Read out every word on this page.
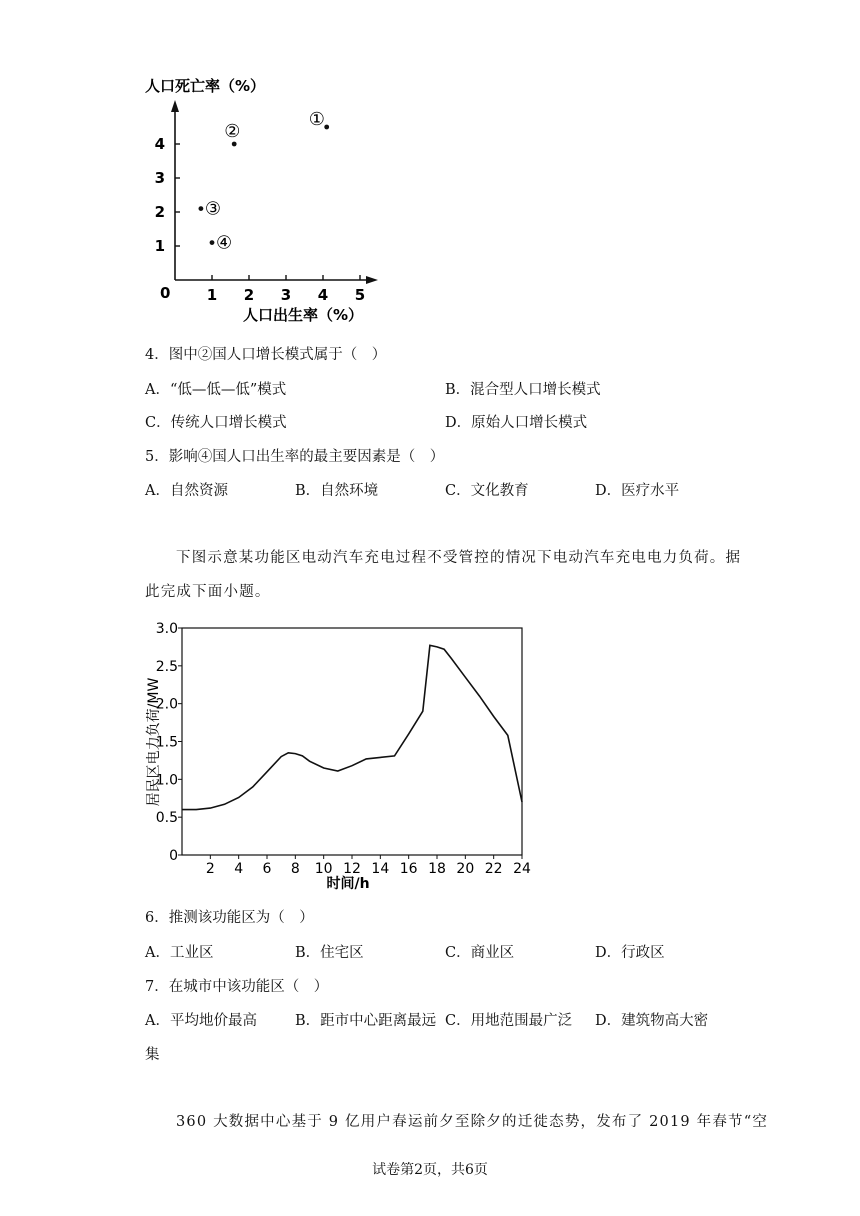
人口死亡率（%）
0 1 2 3 4 5
1
2
3
4
①
②
③
④
人口出生率（%）
4．图中②国人口增长模式属于（　）
A．“低—低—低”模式	B．混合型人口增长模式
C．传统人口增长模式	D．原始人口增长模式
5．影响④国人口出生率的最主要因素是（　）
A．自然资源	B．自然环境	C．文化教育	D．医疗水平
下图示意某功能区电动汽车充电过程不受管控的情况下电动汽车充电电力负荷。据
此完成下面小题。
居民区电力负荷/MW
0
0.5
1.0
1.5
2.0
2.5
3.0
2 4 6 8 10 12 14 16 18 20 22 24
时间/h
6．推测该功能区为（　）
A．工业区	B．住宅区	C．商业区	D．行政区
7．在城市中该功能区（　）
A．平均地价最高	B．距市中心距离最远 C．用地范围最广泛 D．建筑物高大密
集
360 大数据中心基于 9 亿用户春运前夕至除夕的迁徙态势，发布了 2019 年春节“空
试卷第2页，共6页
